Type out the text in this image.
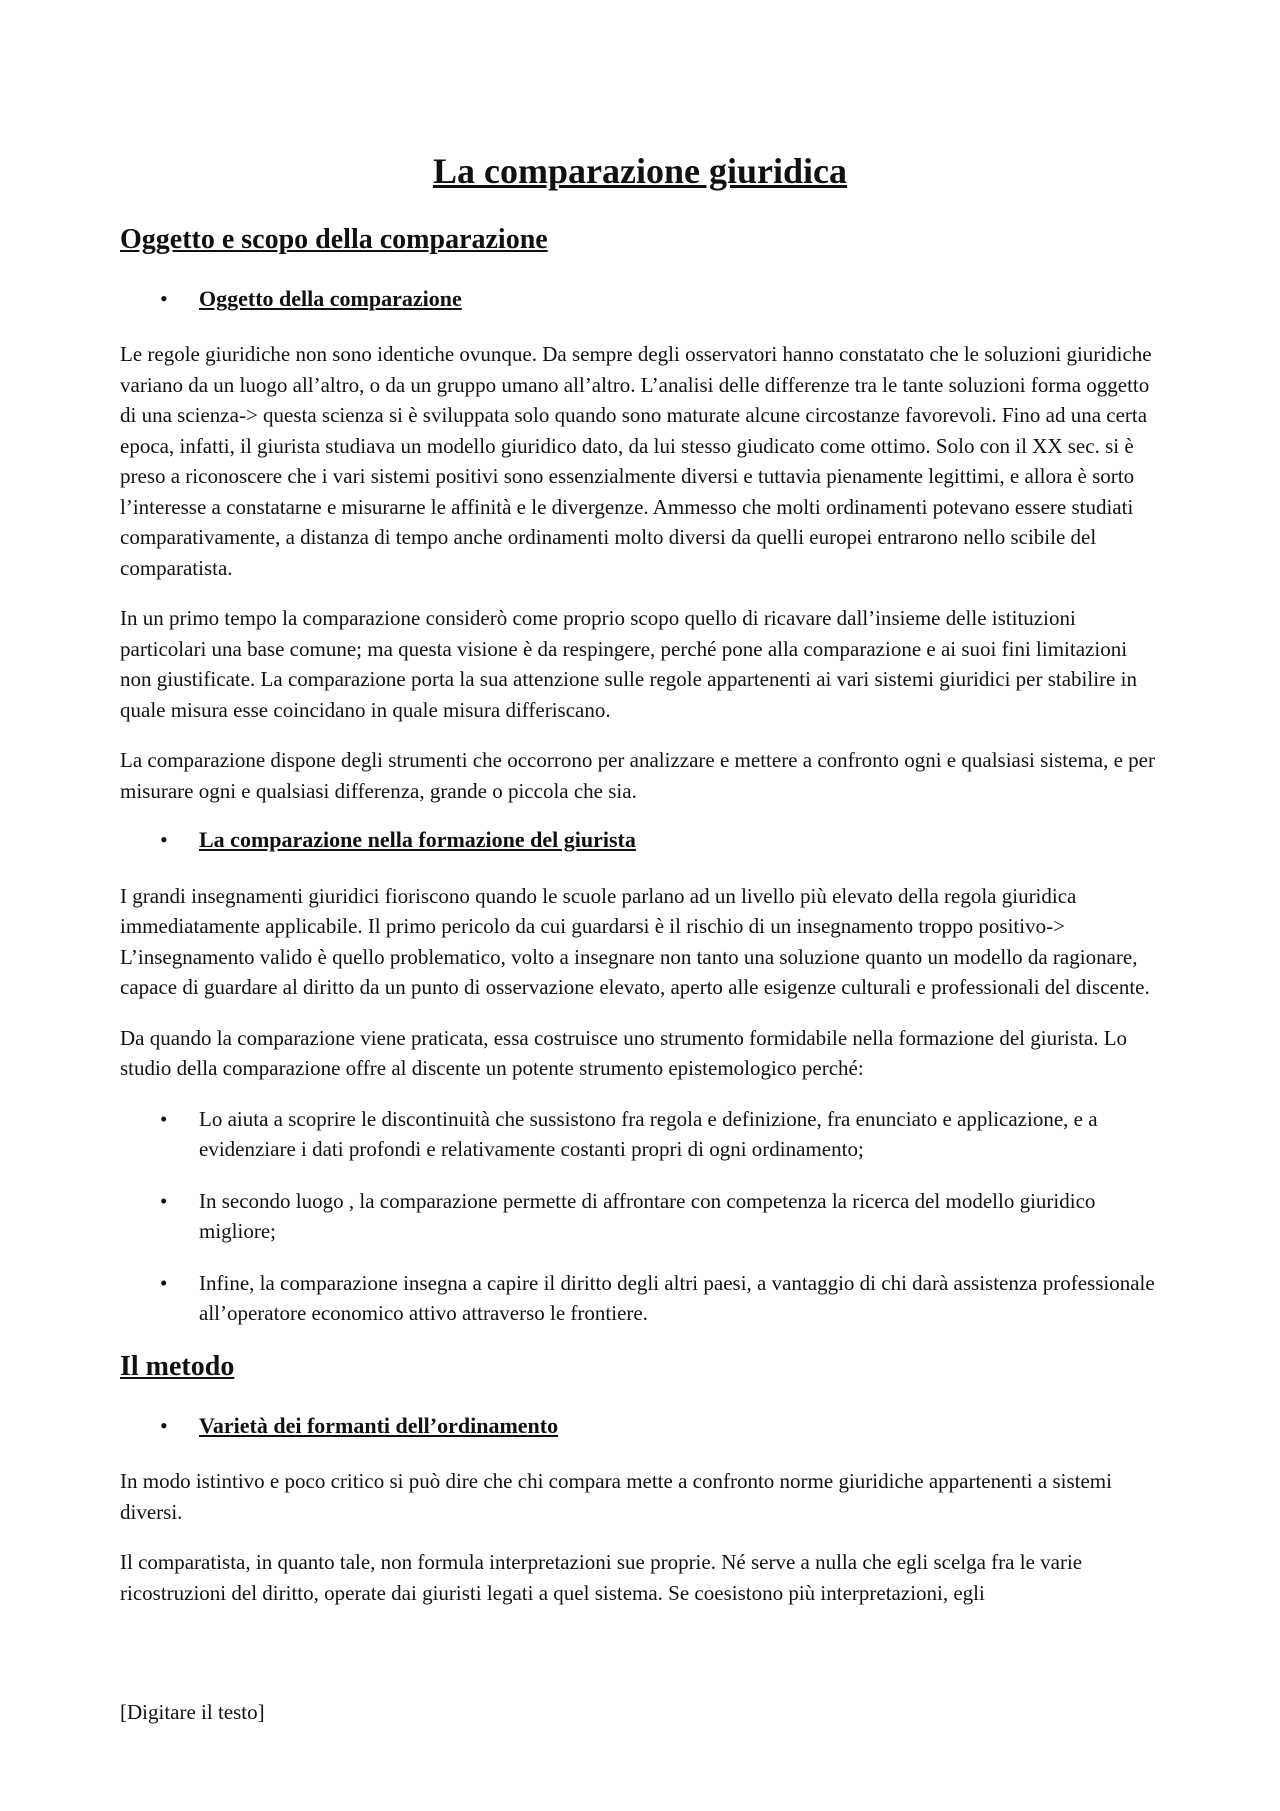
La comparazione giuridica
Oggetto e scopo della comparazione
• Oggetto della comparazione

Le regole giuridiche non sono identiche ovunque. Da sempre degli osservatori hanno constatato che le soluzioni giuridiche variano da un luogo all’altro, o da un gruppo umano all’altro. L’analisi delle differenze tra le tante soluzioni forma oggetto di una scienza-> questa scienza si è sviluppata solo quando sono maturate alcune circostanze favorevoli. Fino ad una certa epoca, infatti, il giurista studiava un modello giuridico dato, da lui stesso giudicato come ottimo. Solo con il XX sec. si è preso a riconoscere che i vari sistemi positivi sono essenzialmente diversi e tuttavia pienamente legittimi, e allora è sorto l’interesse a constatarne e misurarne le affinità e le divergenze. Ammesso che molti ordinamenti potevano essere studiati comparativamente, a distanza di tempo anche ordinamenti molto diversi da quelli europei entrarono nello scibile del comparatista.

In un primo tempo la comparazione considerò come proprio scopo quello di ricavare dall’insieme delle istituzioni particolari una base comune; ma questa visione è da respingere, perché pone alla comparazione e ai suoi fini limitazioni non giustificate. La comparazione porta la sua attenzione sulle regole appartenenti ai vari sistemi giuridici per stabilire in quale misura esse coincidano in quale misura differiscano.

La comparazione dispone degli strumenti che occorrono per analizzare e mettere a confronto ogni e qualsiasi sistema, e per misurare ogni e qualsiasi differenza, grande o piccola che sia.

• La comparazione nella formazione del giurista

I grandi insegnamenti giuridici fioriscono quando le scuole parlano ad un livello più elevato della regola giuridica immediatamente applicabile. Il primo pericolo da cui guardarsi è il rischio di un insegnamento troppo positivo-> L’insegnamento valido è quello problematico, volto a insegnare non tanto una soluzione quanto un modello da ragionare, capace di guardare al diritto da un punto di osservazione elevato, aperto alle esigenze culturali e professionali del discente.

Da quando la comparazione viene praticata, essa costruisce uno strumento formidabile nella formazione del giurista. Lo studio della comparazione offre al discente un potente strumento epistemologico perché:

• Lo aiuta a scoprire le discontinuità che sussistono fra regola e definizione, fra enunciato e applicazione, e a evidenziare i dati profondi e relativamente costanti propri di ogni ordinamento;
• In secondo luogo , la comparazione permette di affrontare con competenza la ricerca del modello giuridico migliore;
• Infine, la comparazione insegna a capire il diritto degli altri paesi, a vantaggio di chi darà assistenza professionale all’operatore economico attivo attraverso le frontiere.
Il metodo
• Varietà dei formanti dell’ordinamento

In modo istintivo e poco critico si può dire che chi compara mette a confronto norme giuridiche appartenenti a sistemi diversi.

Il comparatista, in quanto tale, non formula interpretazioni sue proprie. Né serve a nulla che egli scelga fra le varie ricostruzioni del diritto, operate dai giuristi legati a quel sistema. Se coesistono più interpretazioni, egli

[Digitare il testo]
